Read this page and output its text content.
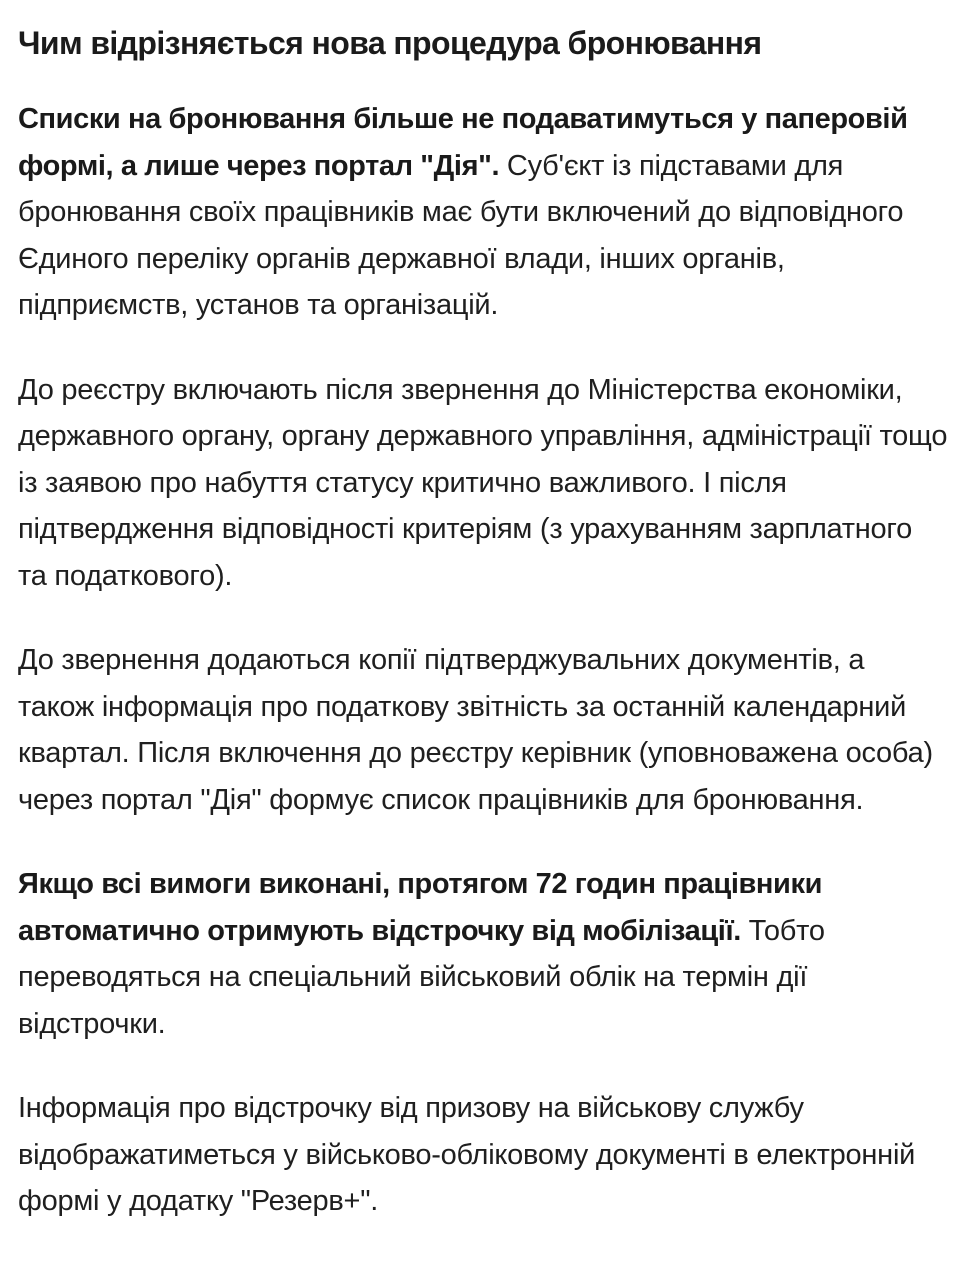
Чим відрізняється нова процедура бронювання

Списки на бронювання більше не подаватимуться у паперовій формі, а лише через портал "Дія". Суб'єкт із підставами для бронювання своїх працівників має бути включений до відповідного Єдиного переліку органів державної влади, інших органів, підприємств, установ та організацій.

До реєстру включають після звернення до Міністерства економіки, державного органу, органу державного управління, адміністрації тощо із заявою про набуття статусу критично важливого. І після підтвердження відповідності критеріям (з урахуванням зарплатного та податкового).

До звернення додаються копії підтверджувальних документів, а також інформація про податкову звітність за останній календарний квартал. Після включення до реєстру керівник (уповноважена особа) через портал "Дія" формує список працівників для бронювання.

Якщо всі вимоги виконані, протягом 72 годин працівники автоматично отримують відстрочку від мобілізації. Тобто переводяться на спеціальний військовий облік на термін дії відстрочки.

Інформація про відстрочку від призову на військову службу відображатиметься у військово-обліковому документі в електронній формі у додатку "Резерв+".
